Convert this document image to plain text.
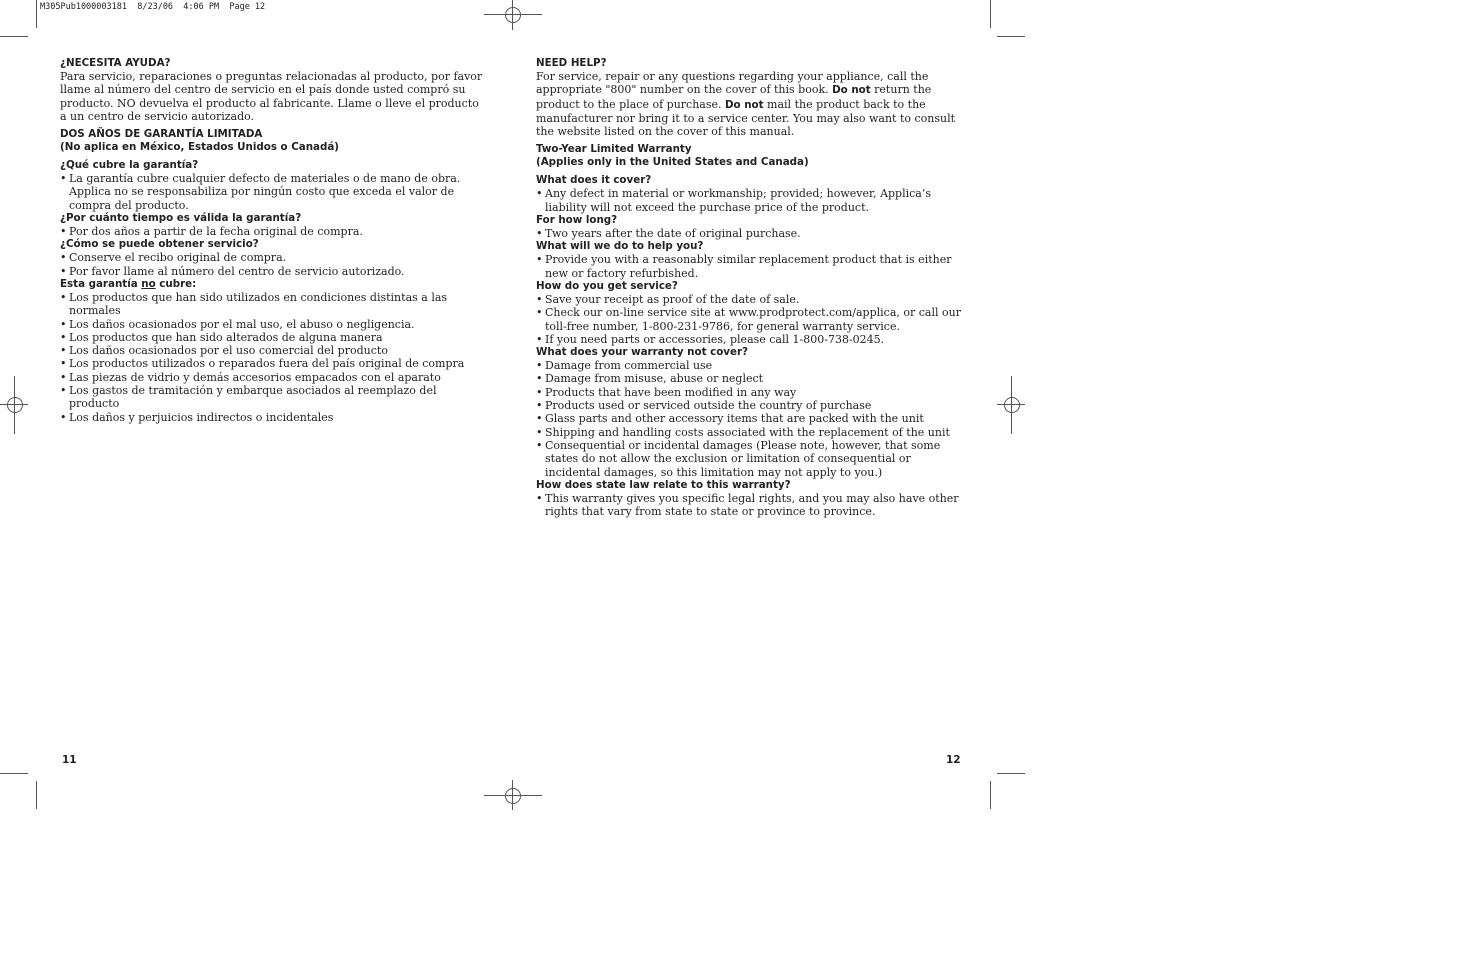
M305Pub1000003181  8/23/06  4:06 PM  Page 12

¿NECESITA AYUDA?

Para servicio, reparaciones o preguntas relacionadas al producto, por favor llame al número del centro de servicio en el país donde usted compró su producto. NO devuelva el producto al fabricante. Llame o lleve el producto a un centro de servicio autorizado.

DOS AÑOS DE GARANTÍA LIMITADA

(No aplica en México, Estados Unidos o Canadá)

¿Qué cubre la garantía?

• La garantía cubre cualquier defecto de materiales o de mano de obra. Applica no se responsabiliza por ningún costo que exceda el valor de compra del producto.

¿Por cuánto tiempo es válida la garantía?

• Por dos años a partir de la fecha original de compra.

¿Cómo se puede obtener servicio?

• Conserve el recibo original de compra.

• Por favor llame al número del centro de servicio autorizado.

Esta garantía no cubre:

• Los productos que han sido utilizados en condiciones distintas a las normales

• Los daños ocasionados por el mal uso, el abuso o negligencia.

• Los productos que han sido alterados de alguna manera

• Los daños ocasionados por el uso comercial del producto

• Los productos utilizados o reparados fuera del país original de compra

• Las piezas de vidrio y demás accesorios empacados con el aparato

• Los gastos de tramitación y embarque asociados al reemplazo del producto

• Los daños y perjuicios indirectos o incidentales

11

NEED HELP?

For service, repair or any questions regarding your appliance, call the appropriate "800" number on the cover of this book. Do not return the product to the place of purchase. Do not mail the product back to the manufacturer nor bring it to a service center. You may also want to consult the website listed on the cover of this manual.

Two-Year Limited Warranty

(Applies only in the United States and Canada)

What does it cover?

• Any defect in material or workmanship; provided; however, Applica’s liability will not exceed the purchase price of the product.

For how long?

• Two years after the date of original purchase.

What will we do to help you?

• Provide you with a reasonably similar replacement product that is either new or factory refurbished.

How do you get service?

• Save your receipt as proof of the date of sale.

• Check our on-line service site at www.prodprotect.com/applica, or call our toll-free number, 1-800-231-9786, for general warranty service.

• If you need parts or accessories, please call 1-800-738-0245.

What does your warranty not cover?

• Damage from commercial use

• Damage from misuse, abuse or neglect

• Products that have been modified in any way

• Products used or serviced outside the country of purchase

• Glass parts and other accessory items that are packed with the unit

• Shipping and handling costs associated with the replacement of the unit

• Consequential or incidental damages (Please note, however, that some states do not allow the exclusion or limitation of consequential or incidental damages, so this limitation may not apply to you.)

How does state law relate to this warranty?

• This warranty gives you specific legal rights, and you may also have other rights that vary from state to state or province to province.

12
